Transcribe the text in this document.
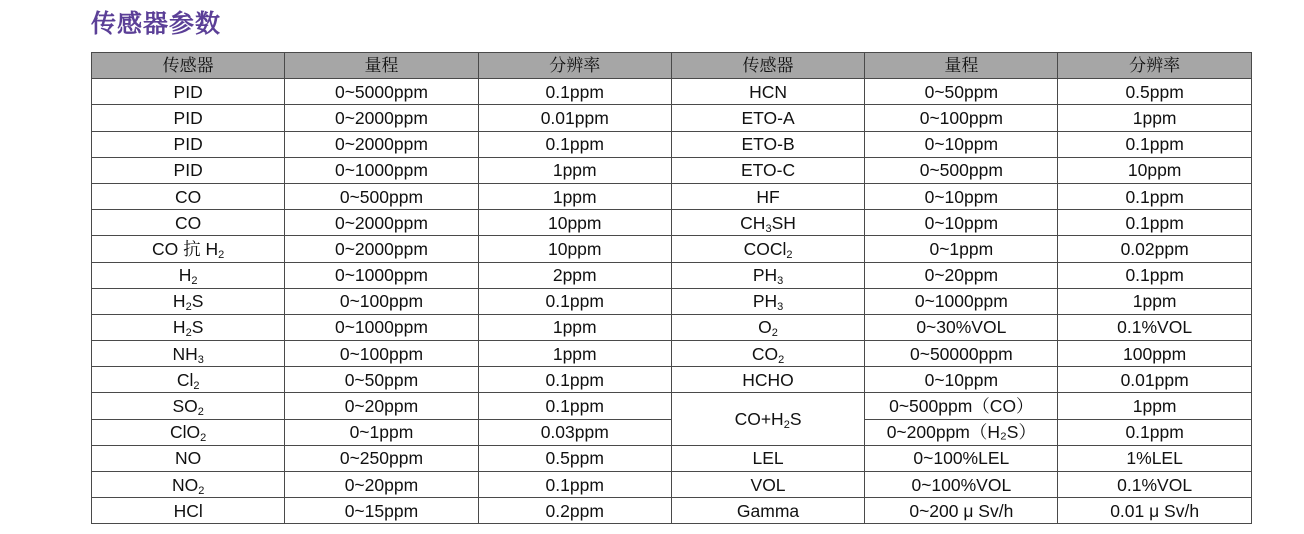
传感器参数
传感器	量程	分辨率	传感器	量程	分辨率
PID	0~5000ppm	0.1ppm	HCN	0~50ppm	0.5ppm
PID	0~2000ppm	0.01ppm	ETO-A	0~100ppm	1ppm
PID	0~2000ppm	0.1ppm	ETO-B	0~10ppm	0.1ppm
PID	0~1000ppm	1ppm	ETO-C	0~500ppm	10ppm
CO	0~500ppm	1ppm	HF	0~10ppm	0.1ppm
CO	0~2000ppm	10ppm	$CH_3SH$	0~10ppm	0.1ppm
CO 抗 $H_2$	0~2000ppm	10ppm	COCl$_2$	0~1ppm	0.02ppm
$H_2$	0~1000ppm	2ppm	$PH_3$	0~20ppm	0.1ppm
$H_2S$	0~100ppm	0.1ppm	$PH_3$	0~1000ppm	1ppm
$H_2S$	0~1000ppm	1ppm	$O_2$	0~30%VOL	0.1%VOL
$NH_3$	0~100ppm	1ppm	$CO_2$	0~50000ppm	100ppm
$Cl_2$	0~50ppm	0.1ppm	HCHO	0~10ppm	0.01ppm
$SO_2$	0~20ppm	0.1ppm	$CO+H_2S$	0~500ppm（CO）	1ppm
ClO$_2$	0~1ppm	0.03ppm		0~200ppm（H₂S）	0.1ppm
NO	0~250ppm	0.5ppm	LEL	0~100%LEL	1%LEL
$NO_2$	0~20ppm	0.1ppm	VOL	0~100%VOL	0.1%VOL
HCl	0~15ppm	0.2ppm	Gamma	0~200 μ Sv/h	0.01 μ Sv/h
